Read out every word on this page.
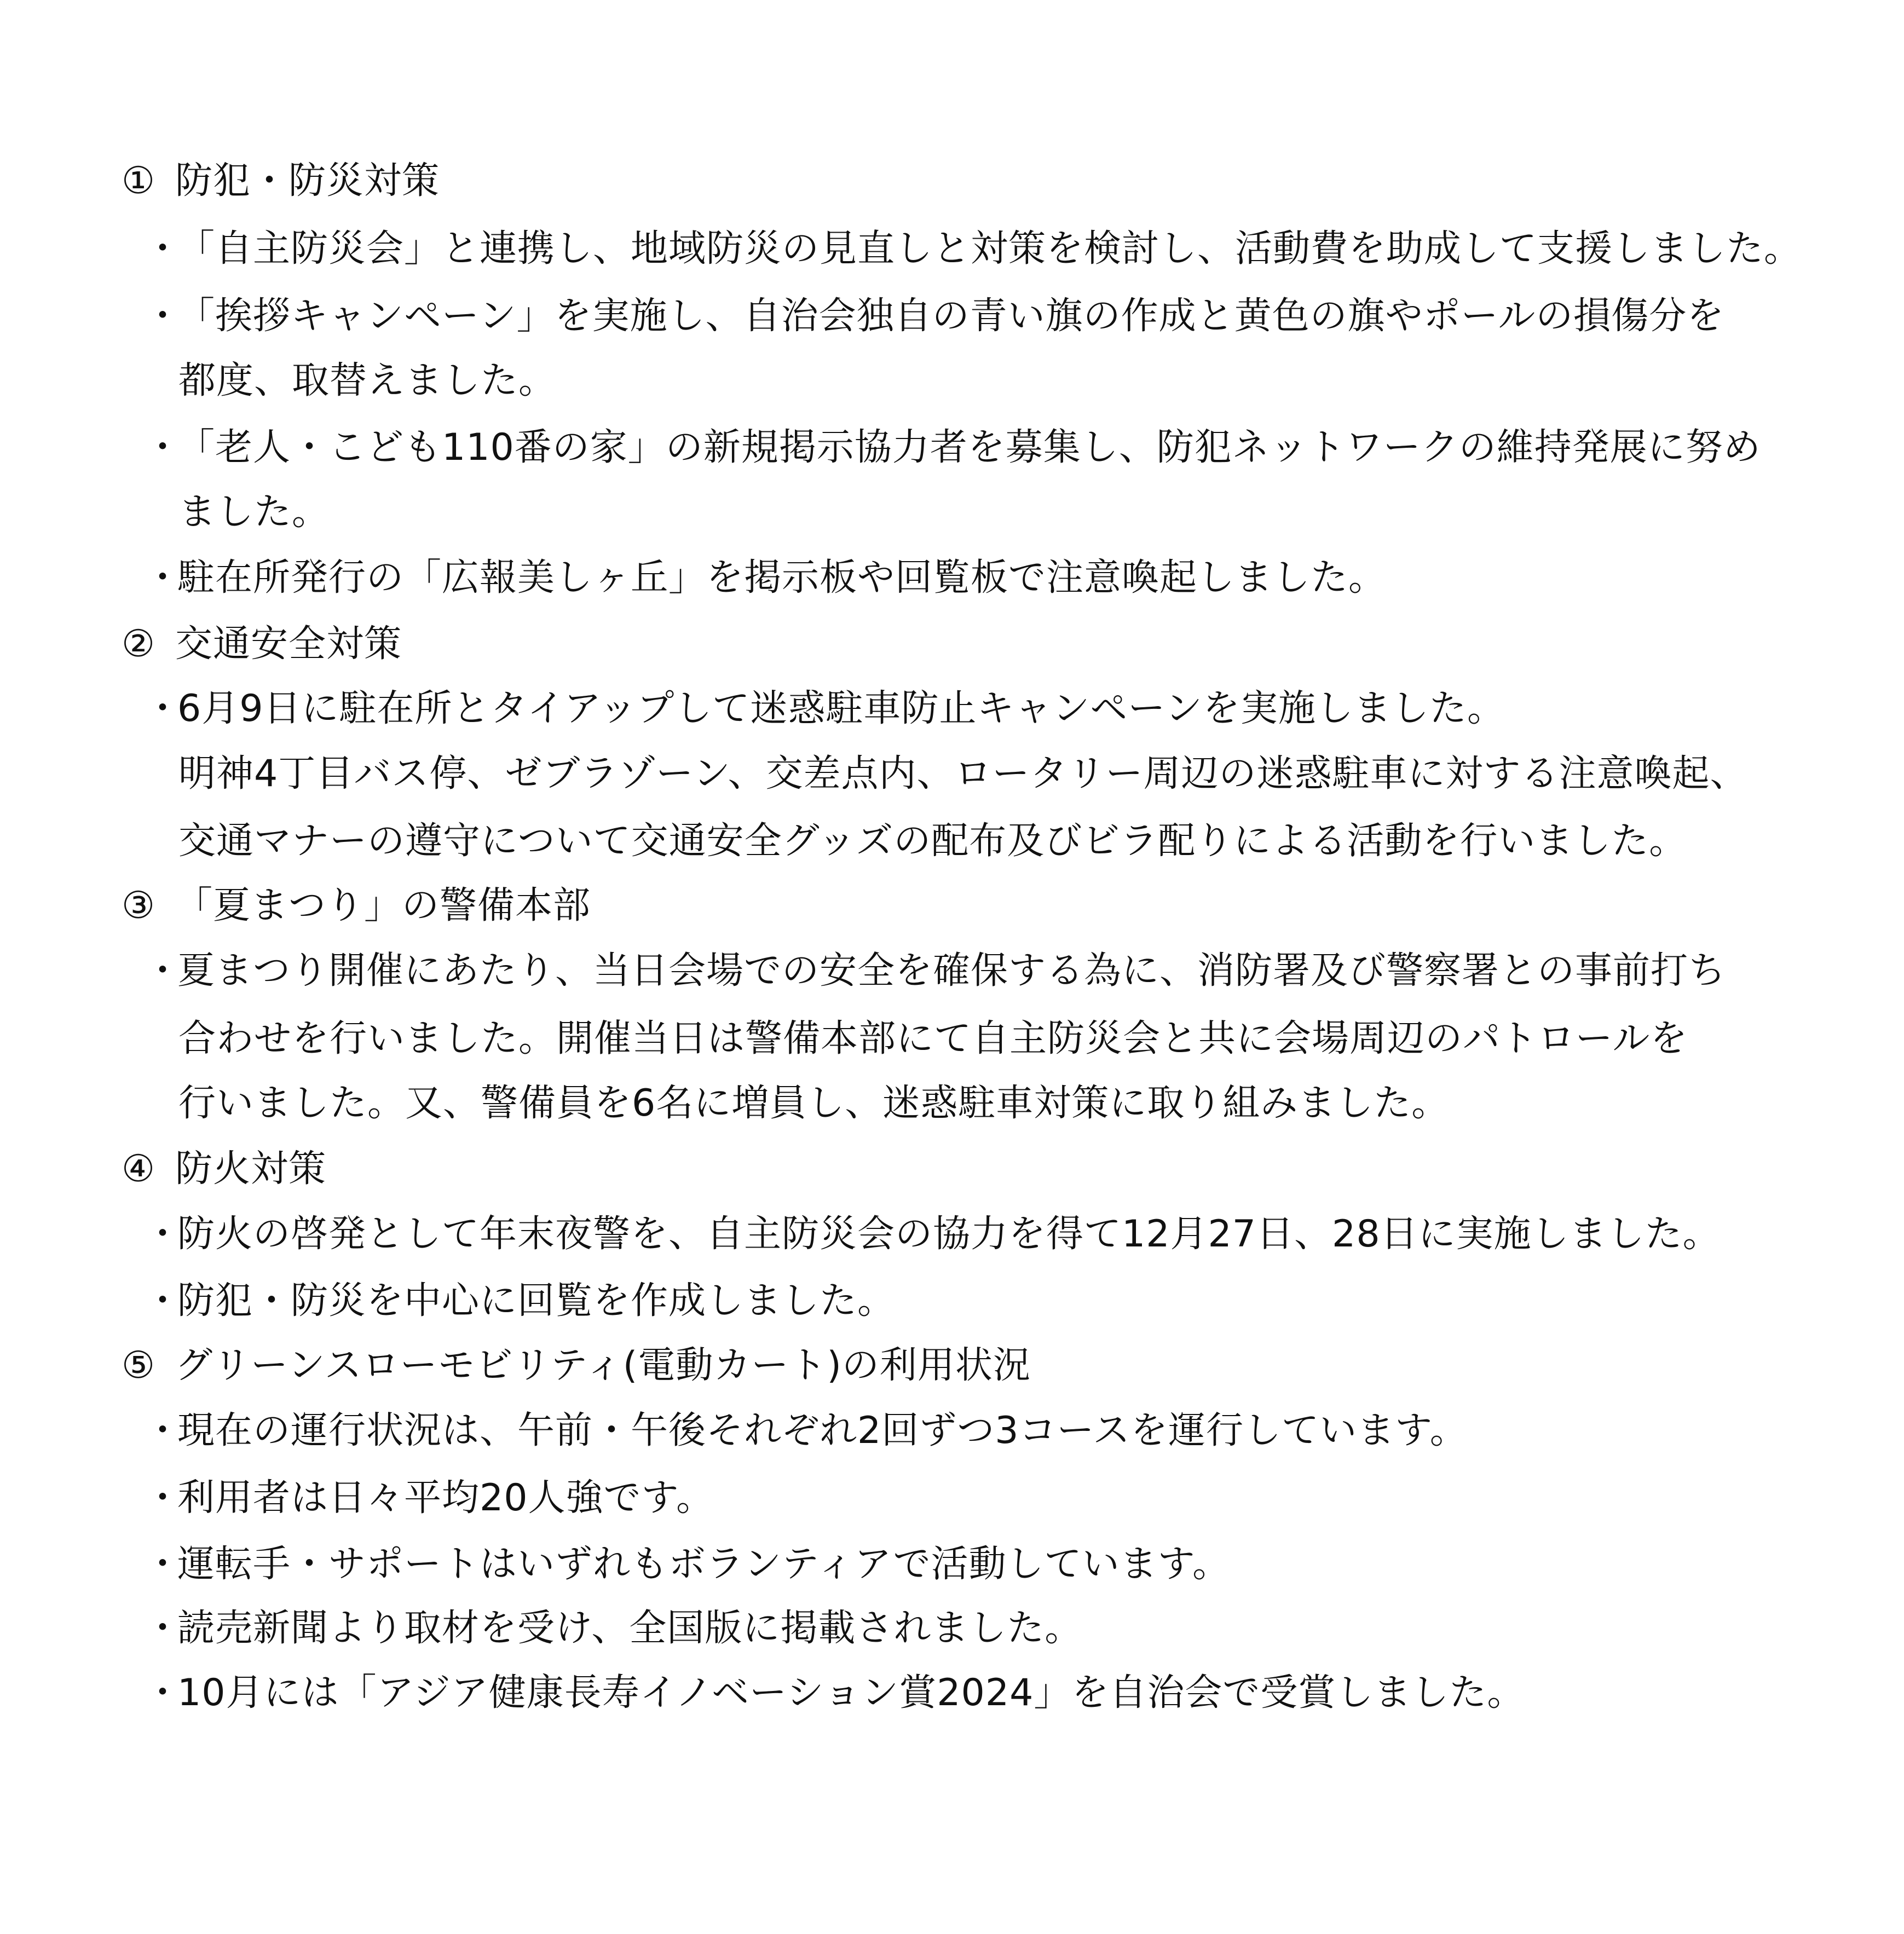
① 防犯・防災対策
・「自主防災会」と連携し、地域防災の見直しと対策を検討し、活動費を助成して支援しました。
・「挨拶キャンペーン」を実施し、自治会独自の青い旗の作成と黄色の旗やポールの損傷分を
都度、取替えました。
・「老人・こども110番の家」の新規掲示協力者を募集し、防犯ネットワークの維持発展に努め
ました。
・駐在所発行の「広報美しヶ丘」を掲示板や回覧板で注意喚起しました。
② 交通安全対策
・6月9日に駐在所とタイアップして迷惑駐車防止キャンペーンを実施しました。
明神4丁目バス停、ゼブラゾーン、交差点内、ロータリー周辺の迷惑駐車に対する注意喚起、
交通マナーの遵守について交通安全グッズの配布及びビラ配りによる活動を行いました。
③ 「夏まつり」の警備本部
・夏まつり開催にあたり、当日会場での安全を確保する為に、消防署及び警察署との事前打ち
合わせを行いました。開催当日は警備本部にて自主防災会と共に会場周辺のパトロールを
行いました。又、警備員を6名に増員し、迷惑駐車対策に取り組みました。
④ 防火対策
・防火の啓発として年末夜警を、自主防災会の協力を得て12月27日、28日に実施しました。
・防犯・防災を中心に回覧を作成しました。
⑤ グリーンスローモビリティ(電動カート)の利用状況
・現在の運行状況は、午前・午後それぞれ2回ずつ3コースを運行しています。
・利用者は日々平均20人強です。
・運転手・サポートはいずれもボランティアで活動しています。
・読売新聞より取材を受け、全国版に掲載されました。
・10月には「アジア健康長寿イノベーション賞2024」を自治会で受賞しました。
